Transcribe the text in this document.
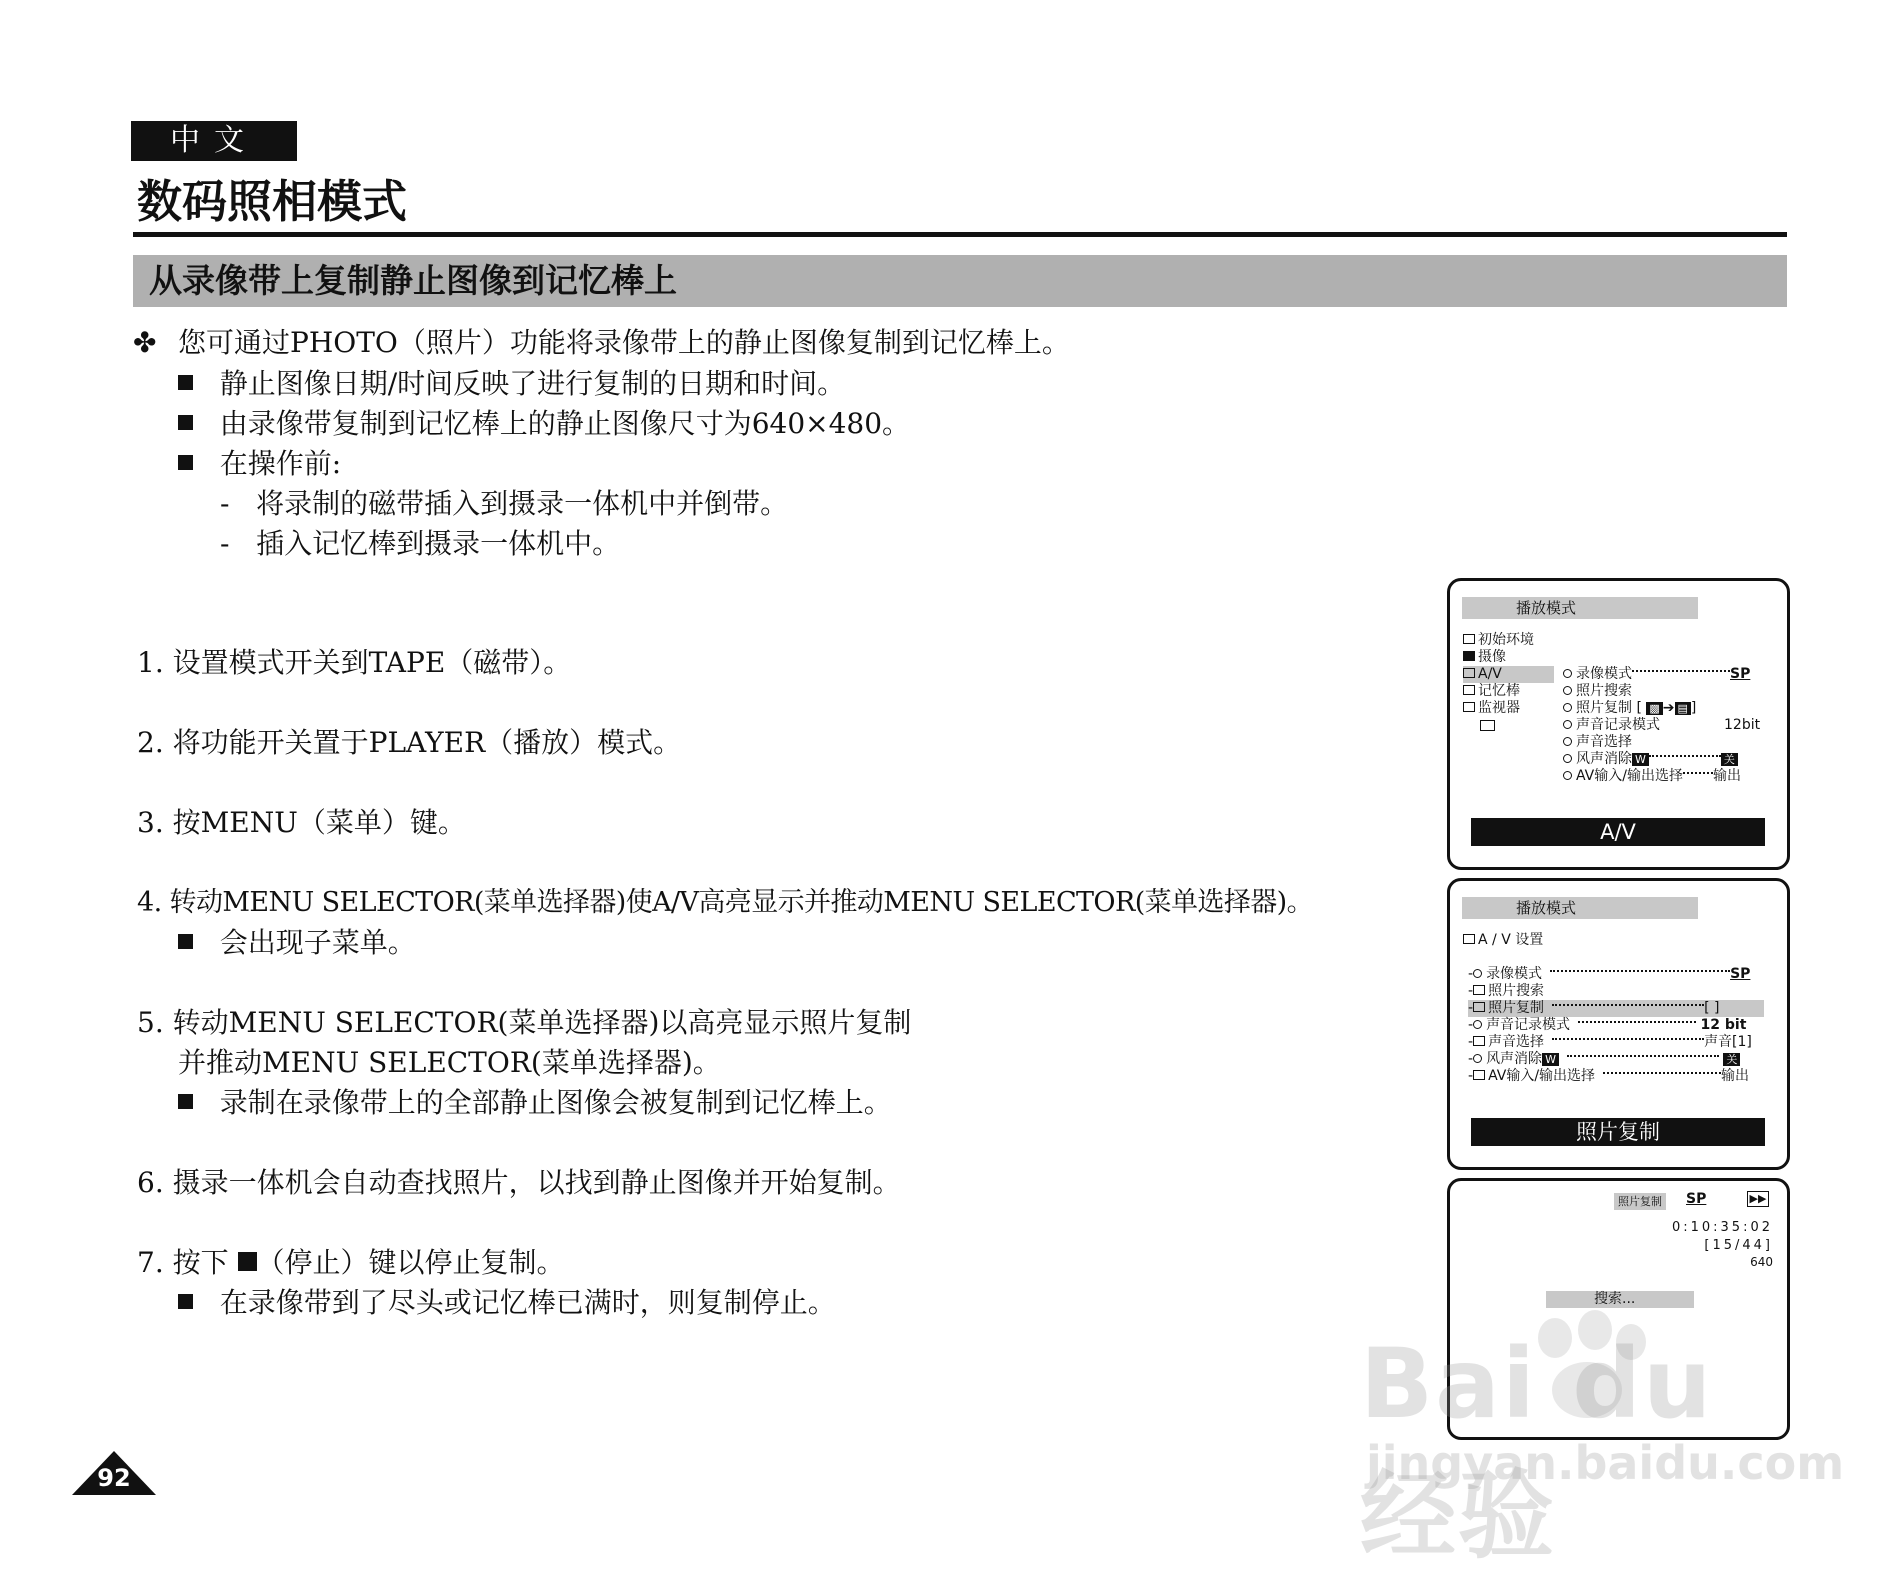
中文
数码照相模式
从录像带上复制静止图像到记忆棒上
✤ 您可通过PHOTO（照片）功能将录像带上的静止图像复制到记忆棒上。
静止图像日期/时间反映了进行复制的日期和时间。
由录像带复制到记忆棒上的静止图像尺寸为640×480。
在操作前:
-   将录制的磁带插入到摄录一体机中并倒带。
-   插入记忆棒到摄录一体机中。
1. 设置模式开关到TAPE（磁带）。
2. 将功能开关置于PLAYER（播放）模式。
3. 按MENU（菜单）键。
4. 转动MENU SELECTOR(菜单选择器)使A/V高亮显示并推动MENU SELECTOR(菜单选择器)。
会出现子菜单。
5. 转动MENU SELECTOR(菜单选择器)以高亮显示照片复制
并推动MENU SELECTOR(菜单选择器)。
录制在录像带上的全部静止图像会被复制到记忆棒上。
6. 摄录一体机会自动查找照片，以找到静止图像并开始复制。
7. 按下 （停止）键以停止复制。
在录像带到了尽头或记忆棒已满时，则复制停止。
播放模式
初始环境
摄像
A/V
记忆棒
监视器
录像模式	SP
照片搜索
照片复制 [ ▩ ➔ ▤ ]
声音记录模式	12bit
声音选择
风声消除 W	关
AV输入/输出选择 输出
A/V
播放模式
A / V 设置
- 录像模式	SP
- 照片搜索
- 照片复制	[ ]
- 声音记录模式	12 bit
- 声音选择	声音[1]
- 风声消除 W	关
- AV输入/输出选择	输出
照片复制
照片复制 SP	▶▶
0:10:35:02
[15/44]
640
搜索...
92
Bai du 经验
jingyan.baidu.com
